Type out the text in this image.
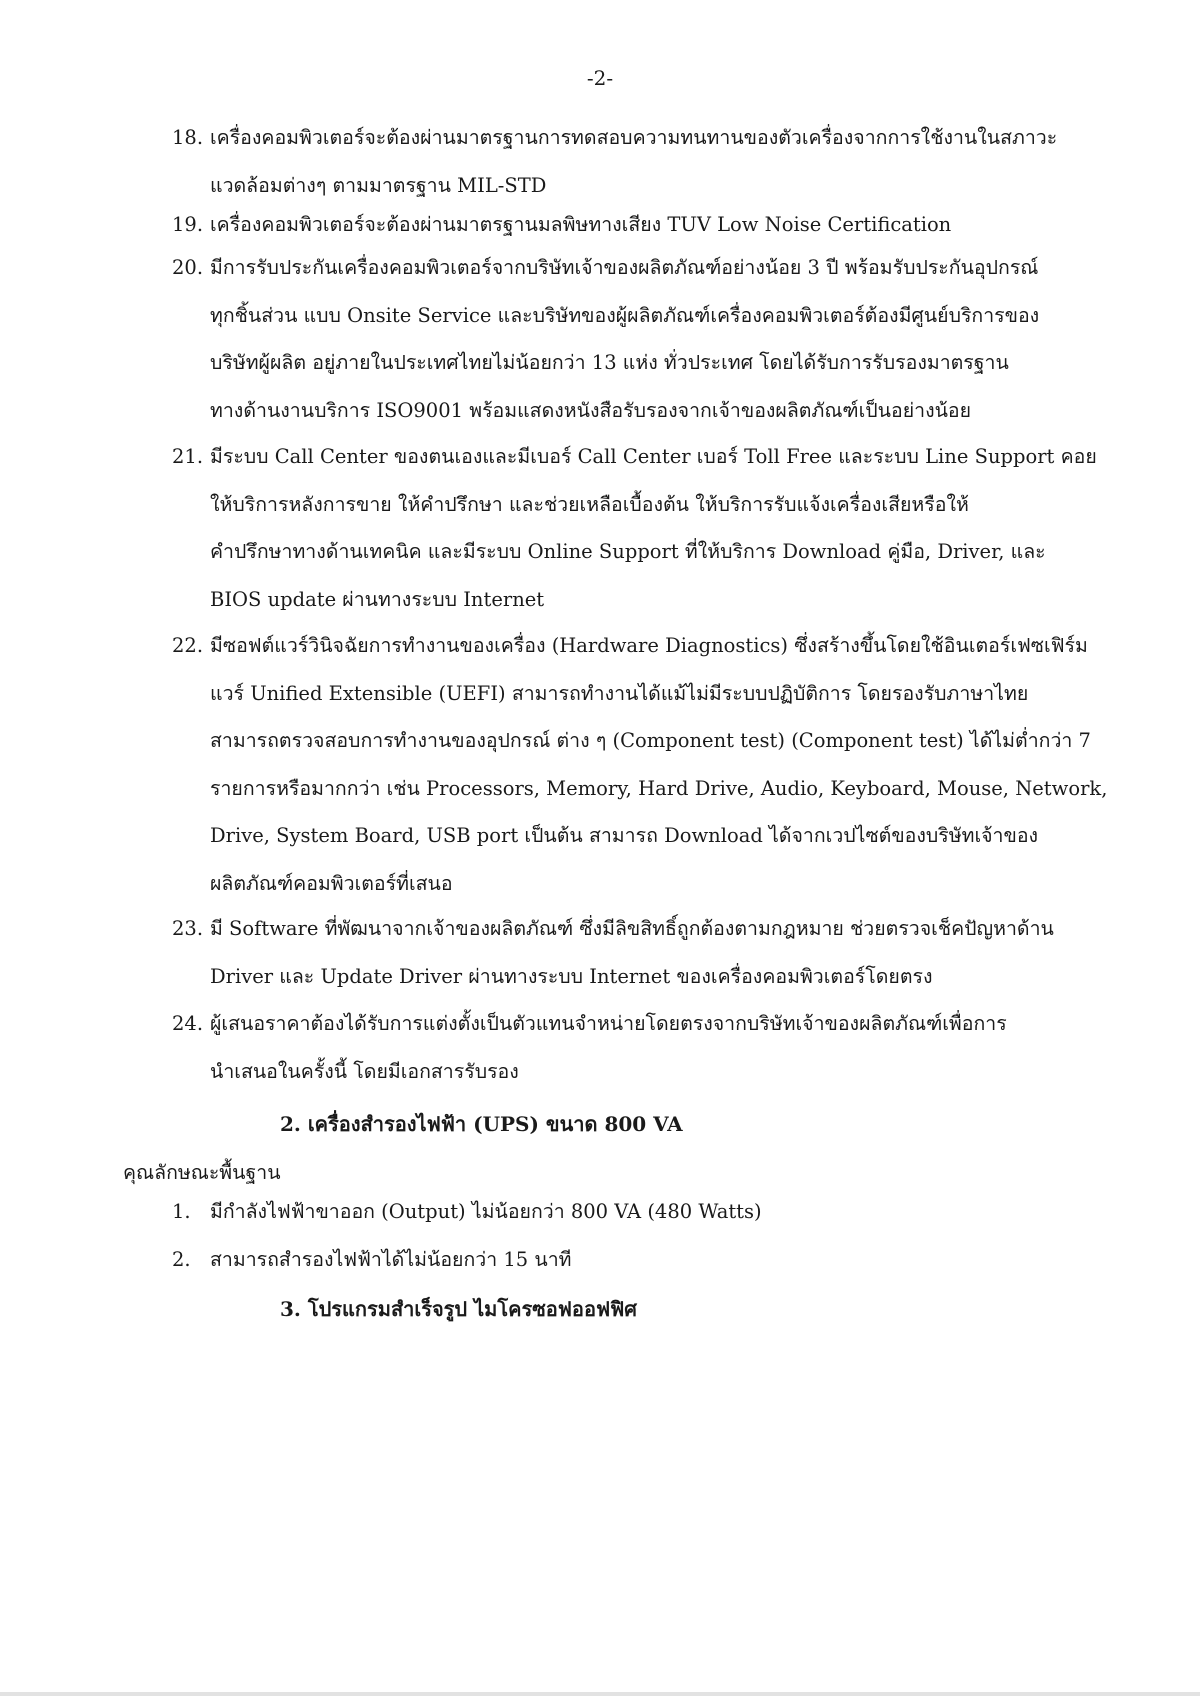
-2-
18. เครื่องคอมพิวเตอร์จะต้องผ่านมาตรฐานการทดสอบความทนทานของตัวเครื่องจากการใช้งานในสภาวะ
แวดล้อมต่างๆ ตามมาตรฐาน MIL-STD
19. เครื่องคอมพิวเตอร์จะต้องผ่านมาตรฐานมลพิษทางเสียง TUV Low Noise Certification
20. มีการรับประกันเครื่องคอมพิวเตอร์จากบริษัทเจ้าของผลิตภัณฑ์อย่างน้อย 3 ปี พร้อมรับประกันอุปกรณ์
ทุกชิ้นส่วน แบบ Onsite Service และบริษัทของผู้ผลิตภัณฑ์เครื่องคอมพิวเตอร์ต้องมีศูนย์บริการของ
บริษัทผู้ผลิต อยู่ภายในประเทศไทยไม่น้อยกว่า 13 แห่ง ทั่วประเทศ โดยได้รับการรับรองมาตรฐาน
ทางด้านงานบริการ ISO9001 พร้อมแสดงหนังสือรับรองจากเจ้าของผลิตภัณฑ์เป็นอย่างน้อย
21. มีระบบ Call Center ของตนเองและมีเบอร์ Call Center เบอร์ Toll Free และระบบ Line Support คอย
ให้บริการหลังการขาย ให้คำปรึกษา และช่วยเหลือเบื้องต้น ให้บริการรับแจ้งเครื่องเสียหรือให้
คำปรึกษาทางด้านเทคนิค และมีระบบ Online Support ที่ให้บริการ Download คู่มือ, Driver, และ
BIOS update ผ่านทางระบบ Internet
22. มีซอฟต์แวร์วินิจฉัยการทำงานของเครื่อง (Hardware Diagnostics) ซึ่งสร้างขึ้นโดยใช้อินเตอร์เฟซเฟิร์ม
แวร์ Unified Extensible (UEFI) สามารถทำงานได้แม้ไม่มีระบบปฏิบัติการ โดยรองรับภาษาไทย
สามารถตรวจสอบการทำงานของอุปกรณ์ ต่าง ๆ (Component test) (Component test) ได้ไม่ต่ำกว่า 7
รายการหรือมากกว่า เช่น Processors, Memory, Hard Drive, Audio, Keyboard, Mouse, Network,
Drive, System Board, USB port เป็นต้น สามารถ Download ได้จากเวปไซต์ของบริษัทเจ้าของ
ผลิตภัณฑ์คอมพิวเตอร์ที่เสนอ
23. มี Software ที่พัฒนาจากเจ้าของผลิตภัณฑ์ ซึ่งมีลิขสิทธิ์ถูกต้องตามกฎหมาย ช่วยตรวจเช็คปัญหาด้าน
Driver และ Update Driver ผ่านทางระบบ Internet ของเครื่องคอมพิวเตอร์โดยตรง
24. ผู้เสนอราคาต้องได้รับการแต่งตั้งเป็นตัวแทนจำหน่ายโดยตรงจากบริษัทเจ้าของผลิตภัณฑ์เพื่อการ
นำเสนอในครั้งนี้ โดยมีเอกสารรับรอง
2. เครื่องสำรองไฟฟ้า (UPS) ขนาด 800 VA
คุณลักษณะพื้นฐาน
1. มีกำลังไฟฟ้าขาออก (Output) ไม่น้อยกว่า 800 VA (480 Watts)
2. สามารถสำรองไฟฟ้าได้ไม่น้อยกว่า 15 นาที
3. โปรแกรมสำเร็จรูป ไมโครซอฟออฟฟิศ
